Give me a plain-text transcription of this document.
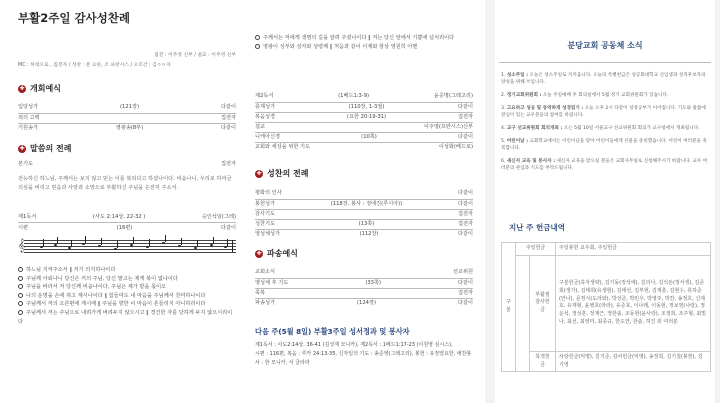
부활2주일 감사성찬례
집전 : 이주영 신부 / 설교 : 이주영 신부
MC : 허대오로 , 집전자 / 성찬 : 분 요한, 조 프란시스 / 오르간 : 김ㅇㅇ자
✚ 개회예식
입당성가	(121장)	다같이
죄의 고백	집전자
기원송가	영광송(8부)	다같이
✚ 말씀의 전례
본기도	집전자
전능하신 하느님, 주께서는 보지 않고 믿는 이를 복되다고 하셨나이다. 비옵나니, 우리로 하여금 의심을 버리고 믿음과 사랑과 소망으로 부활하신 주님을 온전히 주소서.
제1독서	(사도 2:14상, 22-32 )	승인석임(그레)
시편	(16편)	다같이
𝄞
하느님 지켜주소서 ‖ 저기 의지하나이다
주님께 아뢰나니 당신은 저의 주님, 당신 말고는 제게 복이 없나이다
주님을 바라서 저 당신께 비옵나이다, 주님은 제가 받을 몫이오
나의 운명을 손에 쥐고 계시나이다 ‖ 힘들여도 내 마음을 주님께서 찬미하나이다
주님께서 저의 오른편에 계시매 ‖ 주님을 향한 이 마음이 흔들리지 아니하리이다
주님께서 저는 주님으로 내려가게 버려두지 않으시고 ‖ 경건한 자를 당하게 두지 않으시리이다
주께서는 저에게 생명의 길을 알려 주셨나이다 ‖ 저는 당신 앞에서 기쁨에 넘치리이다
영광이 성부와 성자와 성령께 ‖ 처음과 같이 이제와 항상 영원히 아멘
제2독서	(1베드1:3-9)	윤증명(그레고리)
층계성가	(110장, 1-3절)	다같이
복음성경	(요한 20:19-31)	집전자
설교	이주영(프란시스)신부
니케아신경	(10쪽)	다같이
교회와 세상을 위한 기도	이성화(베드로)
✚ 성찬의 전례
평화의 인사	다같이
봉헌성가	(118장, 봉사 : 정애진(루시아))	다같이
감사기도	집전자
성찬기도	(13쪽)	집전자
영성체성가	(112장)	다같이
✚ 파송예식
교회소식	선교위원
영성체 후 기도	(33쪽)	다같이
축복	집전자
파송성가	(124장)	다같이
다음 주(5월 8일) 부활3주일 성서정과 및 봉사자
제1독서 : 사도2:14상, 36-41 (김성재 모니카), 제2독서 : 1베드1:17-23 (이원영 심시스),
시편 : 116편, 복음 : 루카 24:13-35, 신자일의 기도 : 송준영(그레고리), 봉헌 : 유정열요한, 애찬봉사 : 한 모니카, 서 클라라
분당교회 공동체 소식
1. 성소주일 : 오늘은 성소주일로 지켜옵니다. 오늘의 특별헌금은 성공회대학교 신입생과 성직후보자의 양성을 위해 쓰입니다.
2. 정기교회위원회 : 오늘 주일예배 후 회의실에서 5월 정기 교회위원회가 있습니다.
3. 고요하고 성공 및 동역하게 성경읽기 : 오늘 오후 2시 다같이 성경공부가 이어집니다. 기도와 말씀에 관심이 있는 교우분들의 참여를 바랍니다.
4. 교구 선교위원회 회의개최 : 오는 5월 10일 서울교구 선교위원회 회의가 교구청에서 개최됩니다.
5. 어린이날 : 교회학교에서는 어린이날을 맞아 어린이들에게 선물을 준비했습니다. 어린이 여러분을 축복합니다.
6. 새신자 교육 및 봉사자 : 새신자 교육을 받으실 분들은 교회사무실로 신청해주시기 바랍니다. 교우 여러분의 관심과 기도를 부탁드립니다.
지난 주 헌금내역
구분	주일헌금		주일봉헌 교우회, 주일헌금
		부활절 감사헌금	구분헌금(혹자생략), 김기동(정석에), 김리나, 김석돈(정서생), 김준희(생가), 김태희(유생현), 김태선, 김부현, 김재훈, 김현수, 류하준(안나), 문정식(도라와), 박성준, 박민우, 박영주, 박찬, 송정호, 신제호, 유재형, 윤병호(라라), 유준호, 이나래, 이동현, 정보영(나랑), 정운석, 정성훈, 정재근, 정한솔, 조동현(윤사랑), 조정희, 조주형, 최빛나, 최선, 최영미, 최종규, 한도연, 한솔, 허진 외 여러분
		목적헌금	사랑헌금(익명), 김기준, 감사헌금(익명), 송정희, 김기철(봉헌), 김기영
